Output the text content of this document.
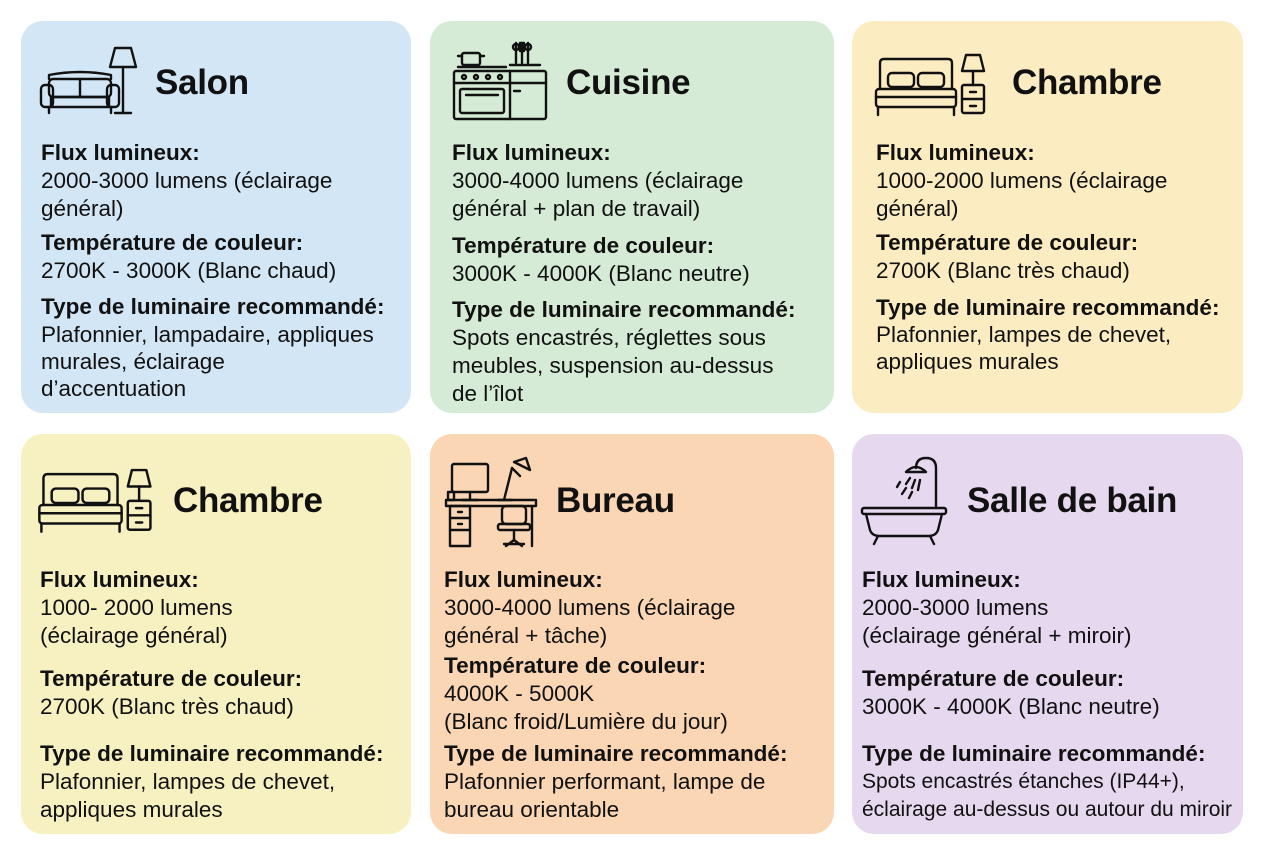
Salon
Flux lumineux:
2000-3000 lumens (éclairage
général)
Température de couleur:
2700K - 3000K (Blanc chaud)
Type de luminaire recommandé:
Plafonnier, lampadaire, appliques
murales, éclairage
d’accentuation
Cuisine
Flux lumineux:
3000-4000 lumens (éclairage
général + plan de travail)
Température de couleur:
3000K - 4000K (Blanc neutre)
Type de luminaire recommandé:
Spots encastrés, réglettes sous
meubles, suspension au-dessus
de l’îlot
Chambre
Flux lumineux:
1000-2000 lumens (éclairage
général)
Température de couleur:
2700K (Blanc très chaud)
Type de luminaire recommandé:
Plafonnier, lampes de chevet,
appliques murales
Chambre
Flux lumineux:
1000- 2000 lumens
(éclairage général)
Température de couleur:
2700K (Blanc très chaud)
Type de luminaire recommandé:
Plafonnier, lampes de chevet,
appliques murales
Bureau
Flux lumineux:
3000-4000 lumens (éclairage
général + tâche)
Température de couleur:
4000K - 5000K
(Blanc froid/Lumière du jour)
Type de luminaire recommandé:
Plafonnier performant, lampe de
bureau orientable
Salle de bain
Flux lumineux:
2000-3000 lumens
(éclairage général + miroir)
Température de couleur:
3000K - 4000K (Blanc neutre)
Type de luminaire recommandé:
Spots encastrés étanches (IP44+),
éclairage au-dessus ou autour du miroir
